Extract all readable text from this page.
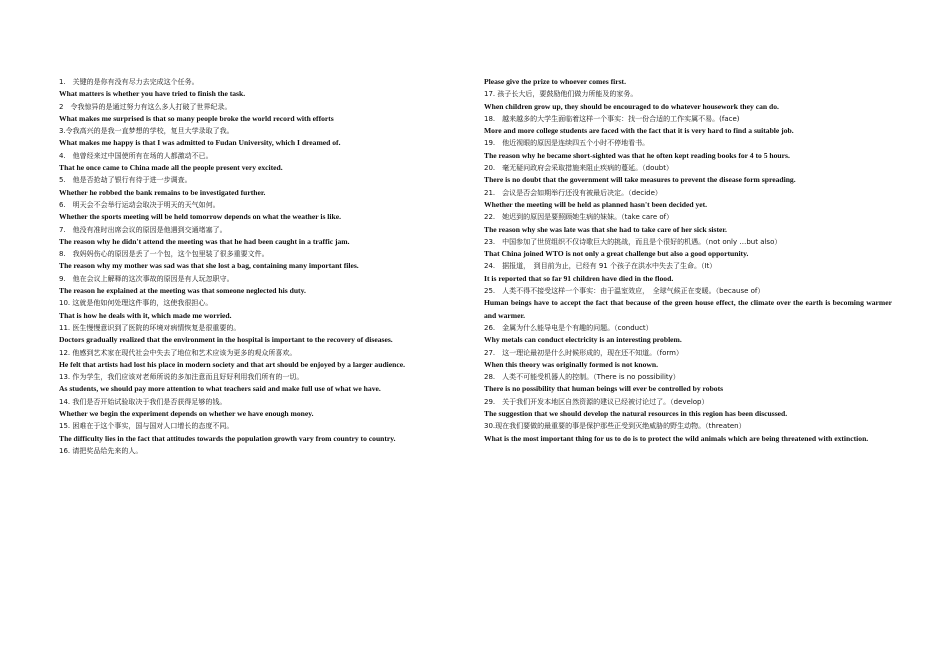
1.　关键的是你有没有尽力去完成这个任务。
What matters is whether you have tried to finish the task.
2　令我惊异的是通过努力有这么多人打破了世界纪录。
What makes me surprised is that so many people broke the world record with efforts
3.令我高兴的是我一直梦想的学校，复旦大学录取了我。
What makes me happy is that I was admitted to Fudan University, which I dreamed of.
4.　他曾经来过中国使所有在场的人都激动不已。
That he once came to China made all the people present very excited.
5.　他是否抢劫了银行有待于进一步调查。
Whether he robbed the bank remains to be investigated further.
6.　明天会不会举行运动会取决于明天的天气如何。
Whether the sports meeting will be held tomorrow depends on what the weather is like.
7.　他没有准时出席会议的原因是他遇到交通堵塞了。
The reason why he didn't attend the meeting was that he had been caught in a traffic jam.
8.　我妈妈伤心的原因是丢了一个包，这个包里装了很多重要文件。
The reason why my mother was sad was that she lost a bag, containing many important files.
9.　他在会议上解释的这次事故的原因是有人玩忽职守。
The reason he explained at the meeting was that someone neglected his duty.
10. 这就是他如何处理这件事的，这使我很担心。
That is how he deals with it, which made me worried.
11. 医生慢慢意识到了医院的环境对病情恢复是很重要的。
Doctors gradually realized that the environment in the hospital is important to the recovery of diseases.
12. 他感到艺术家在现代社会中失去了地位和艺术应该为更多的观众所喜欢。
He felt that artists had lost his place in modern society and that art should be enjoyed by a larger audience.
13. 作为学生，我们应该对老师所说的多加注意而且好好利用我们所有的一切。
As students, we should pay more attention to what teachers said and make full use of what we have.
14. 我们是否开始试验取决于我们是否获得足够的钱。
Whether we begin the experiment depends on whether we have enough money.
15. 困难在于这个事实，国与国对人口增长的态度不同。
The difficulty lies in the fact that attitudes towards the population growth vary from country to country.
16. 请把奖品给先来的人。
Please give the prize to whoever comes first.
17. 孩子长大后，要鼓励他们做力所能及的家务。
When children grow up, they should be encouraged to do whatever housework they can do.
18.　越来越多的大学生面临着这样一个事实：找一份合适的工作实属不易。(face)
More and more college students are faced with the fact that it is very hard to find a suitable job.
19.　他近视眼的原因是连续四五个小时不停地看书。
The reason why he became short-sighted was that he often kept reading books for 4 to 5 hours.
20.　毫无疑问政府会采取措施来阻止疾病的蔓延。（doubt）
There is no doubt that the government will take measures to prevent the disease form spreading.
21.　会议是否会如期举行还没有被最后决定。（decide）
Whether the meeting will be held as planned hasn't been decided yet.
22.　她迟到的原因是要照顾她生病的妹妹。（take care of）
The reason why she was late was that she had to take care of her sick sister.
23.　中国参加了世贸组织不仅诗歌巨大的挑战，而且是个很好的机遇。（not only …but also）
That China joined WTO is not only a great challenge but also a good opportunity.
24.　据报道，　到目前为止，已经有 91 个孩子在洪水中失去了生命。（It）
It is reported that so far 91 children have died in the flood.
25.　人类不得不接受这样一个事实：由于温室效应，　全球气候正在变暖。（because of）
Human beings have to accept the fact that because of the green house effect, the climate over the earth is becoming warmer and warmer.
26.　金属为什么能导电是个有趣的问题。（conduct）
Why metals can conduct electricity is an interesting problem.
27.　这一理论最初是什么时候形成的，现在还不知道。（form）
When this theory was originally formed is not known.
28.　人类不可能受机器人的控制。（There is no possibility）
There is no possibility that human beings will ever be controlled by robots
29.　关于我们开发本地区自然资源的建议已经被讨论过了。（develop）
The suggestion that we should develop the natural resources in this region has been discussed.
30.现在我们要做的最重要的事是保护那些正受到灭绝威胁的野生动物。（threaten）
What is the most important thing for us to do is to protect the wild animals which are being threatened with extinction.
